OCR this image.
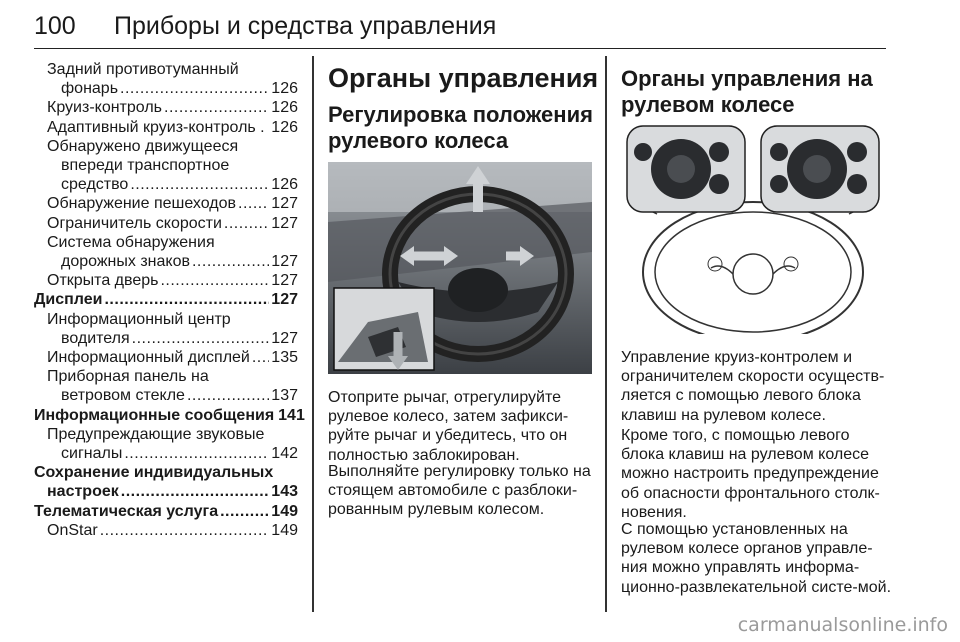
100 Приборы и средства управления
Задний противотуманный
фонарь .....	126
Круиз-контроль .....	126
Адаптивный круиз-контроль . 126
Обнаружено движущееся
впереди транспортное
средство .....	126
Обнаружение пешеходов ..... 127
Ограничитель скорости .....	127
Система обнаружения
дорожных знаков .....	127
Открыта дверь .....	127
Дисплеи .....	127
Информационный центр
водителя .....	127
Информационный дисплей ..... 135
Приборная панель на
ветровом стекле .....	137
Информационные сообщения 141
Предупреждающие звуковые
сигналы .....	142
Сохранение индивидуальных
настроек .....	143
Телематическая услуга .....	149
OnStar .....	149
Органы управления
Регулировка положения рулевого колеса
Отоприте рычаг, отрегулируйте рулевое колесо, затем зафикси-руйте рычаг и убедитесь, что он полностью заблокирован.
Выполняйте регулировку только на стоящем автомобиле с разблоки-рованным рулевым колесом.
Органы управления на рулевом колесе
Управление круиз-контролем и ограничителем скорости осуществ-ляется с помощью левого блока клавиш на рулевом колесе.
Кроме того, с помощью левого блока клавиш на рулевом колесе можно настроить предупреждение об опасности фронтального столк-новения.
С помощью установленных на рулевом колесе органов управле-ния можно управлять информа-ционно-развлекательной систе-мой.
carmanualsonline.info
